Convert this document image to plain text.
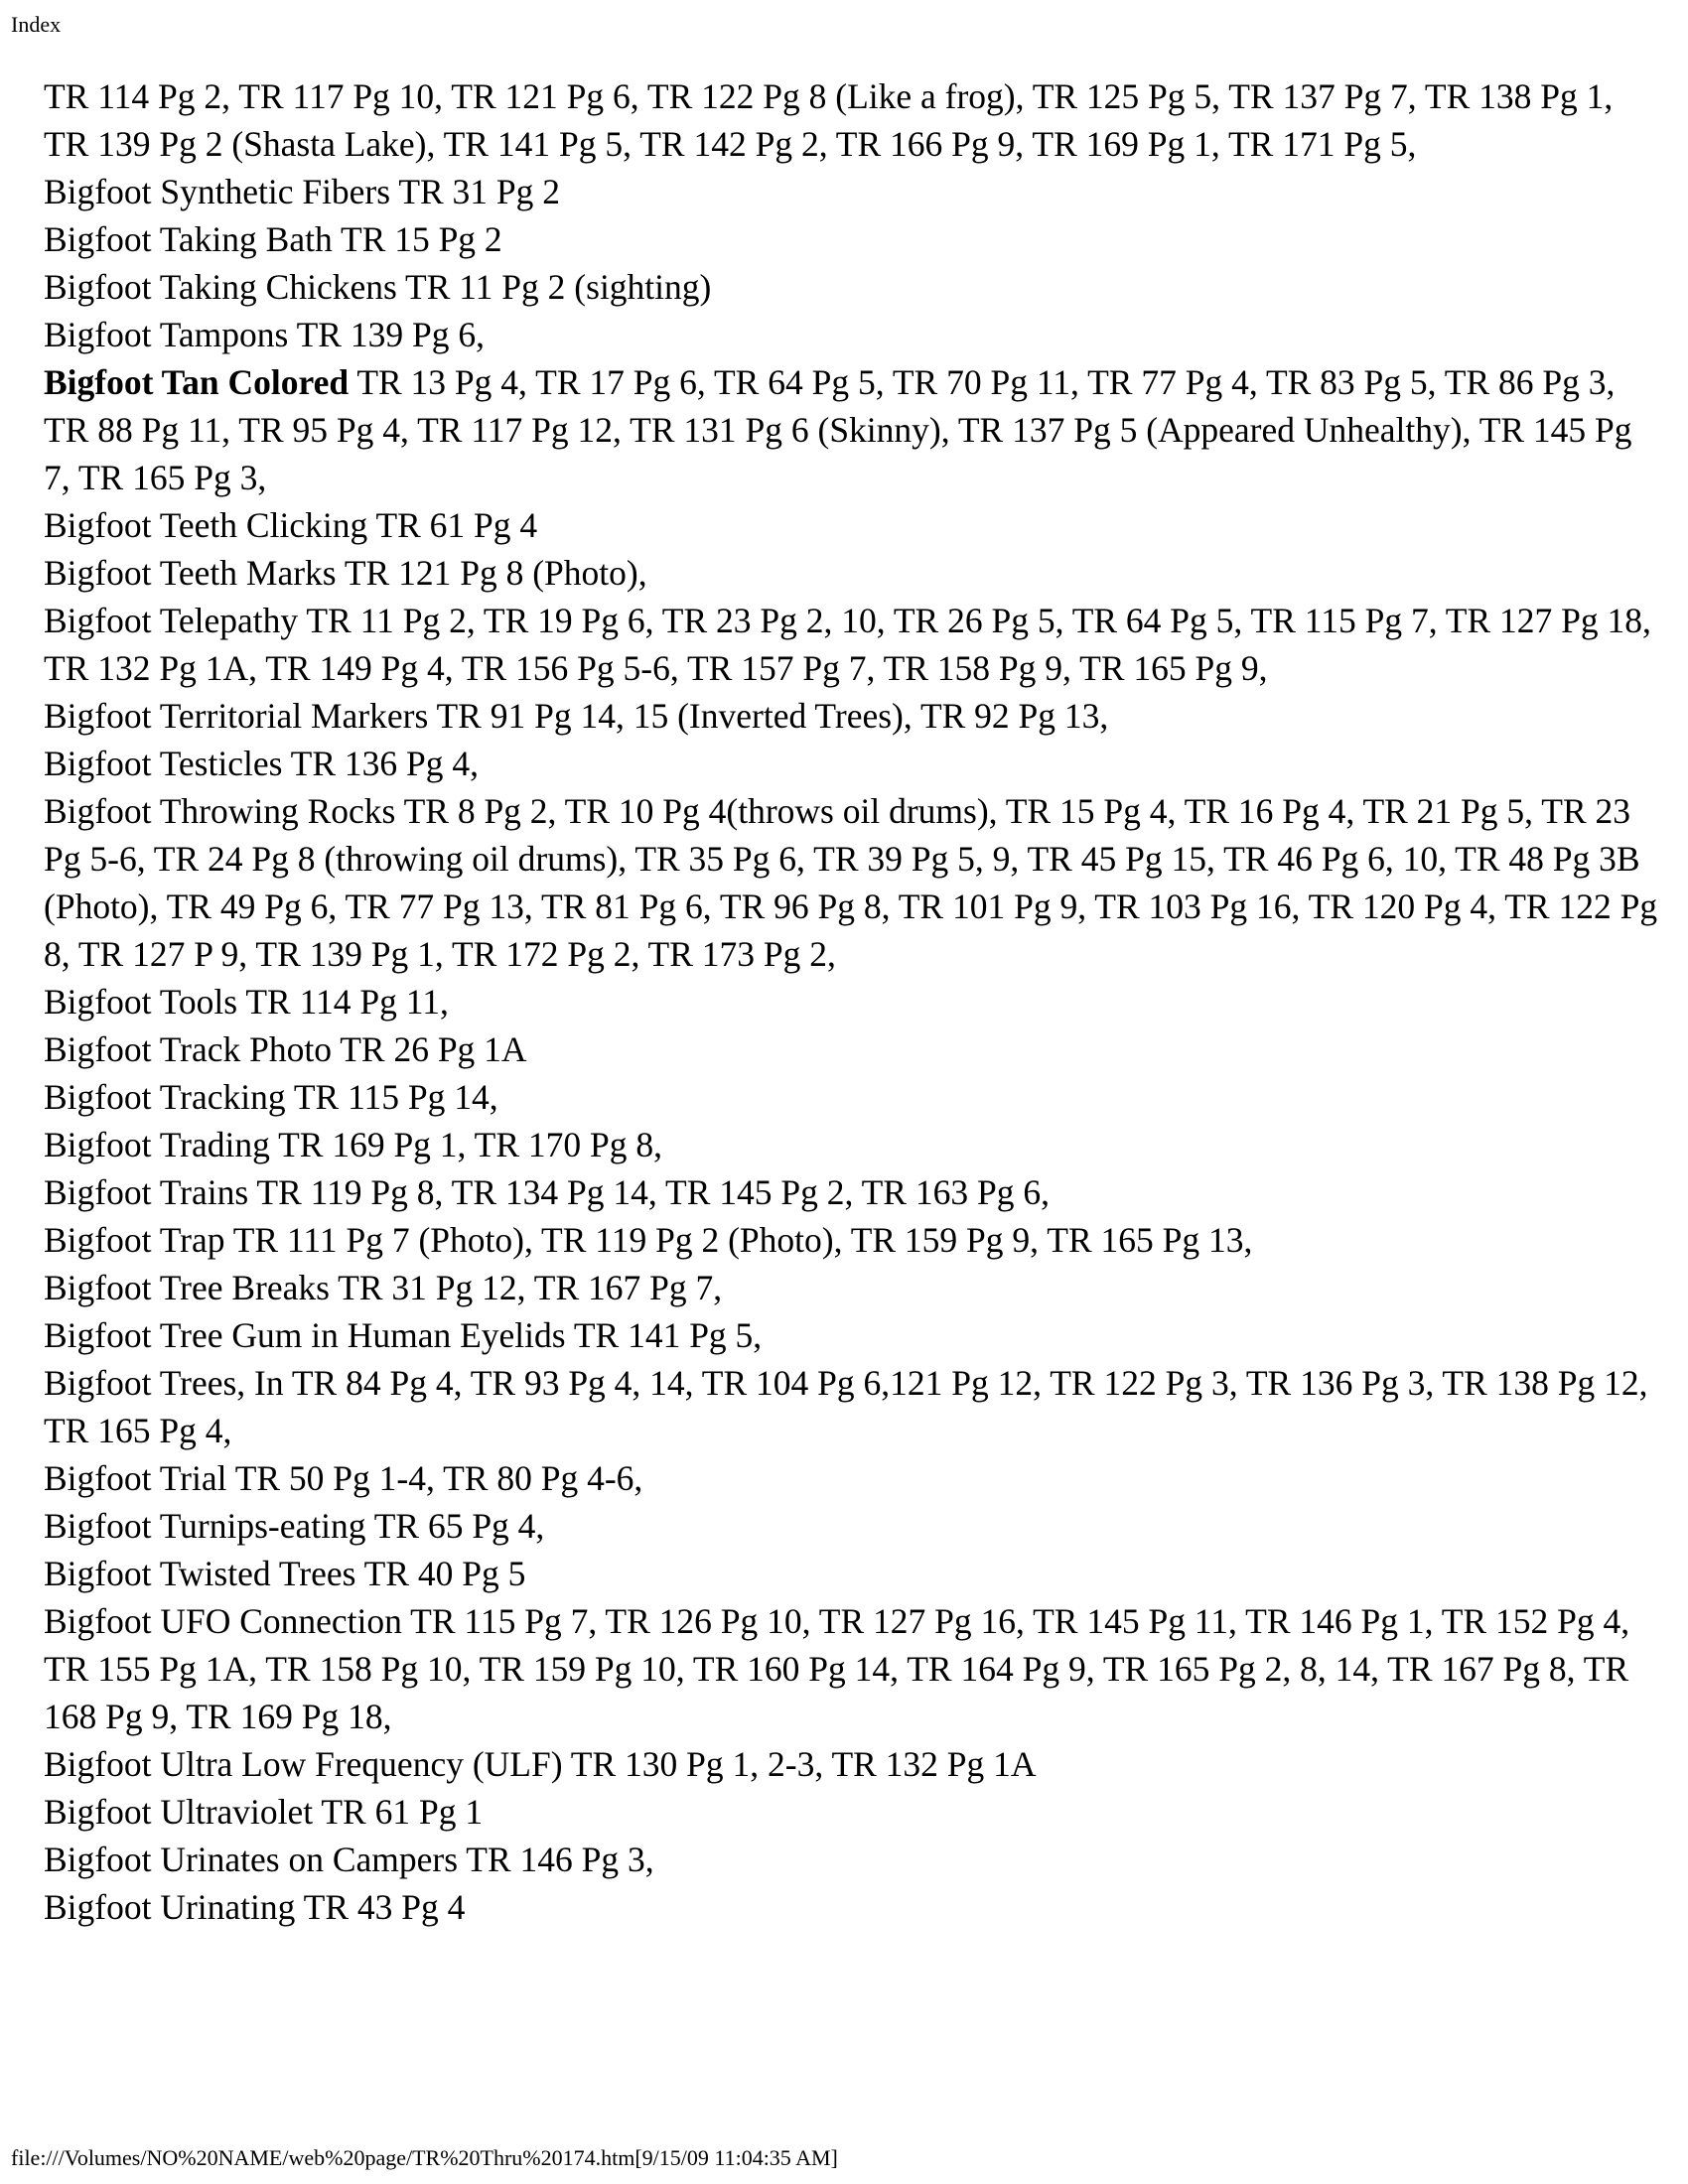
Index

TR 114 Pg 2, TR 117 Pg 10, TR 121 Pg 6, TR 122 Pg 8 (Like a frog), TR 125 Pg 5, TR 137 Pg 7, TR 138 Pg 1, TR 139 Pg 2 (Shasta Lake), TR 141 Pg 5, TR 142 Pg 2, TR 166 Pg 9, TR 169 Pg 1, TR 171 Pg 5,

Bigfoot Synthetic Fibers TR 31 Pg 2

Bigfoot Taking Bath TR 15 Pg 2

Bigfoot Taking Chickens TR 11 Pg 2 (sighting)

Bigfoot Tampons TR 139 Pg 6,

Bigfoot Tan Colored TR 13 Pg 4, TR 17 Pg 6, TR 64 Pg 5, TR 70 Pg 11, TR 77 Pg 4, TR 83 Pg 5, TR 86 Pg 3, TR 88 Pg 11, TR 95 Pg 4, TR 117 Pg 12, TR 131 Pg 6 (Skinny), TR 137 Pg 5 (Appeared Unhealthy), TR 145 Pg 7, TR 165 Pg 3,

Bigfoot Teeth Clicking TR 61 Pg 4

Bigfoot Teeth Marks TR 121 Pg 8 (Photo),

Bigfoot Telepathy TR 11 Pg 2, TR 19 Pg 6, TR 23 Pg 2, 10, TR 26 Pg 5, TR 64 Pg 5, TR 115 Pg 7, TR 127 Pg 18, TR 132 Pg 1A, TR 149 Pg 4, TR 156 Pg 5-6, TR 157 Pg 7, TR 158 Pg 9, TR 165 Pg 9,

Bigfoot Territorial Markers TR 91 Pg 14, 15 (Inverted Trees), TR 92 Pg 13,

Bigfoot Testicles TR 136 Pg 4,

Bigfoot Throwing Rocks TR 8 Pg 2, TR 10 Pg 4(throws oil drums), TR 15 Pg 4, TR 16 Pg 4, TR 21 Pg 5, TR 23 Pg 5-6, TR 24 Pg 8 (throwing oil drums), TR 35 Pg 6, TR 39 Pg 5, 9, TR 45 Pg 15, TR 46 Pg 6, 10, TR 48 Pg 3B (Photo), TR 49 Pg 6, TR 77 Pg 13, TR 81 Pg 6, TR 96 Pg 8, TR 101 Pg 9, TR 103 Pg 16, TR 120 Pg 4, TR 122 Pg 8, TR 127 P 9, TR 139 Pg 1, TR 172 Pg 2, TR 173 Pg 2,

Bigfoot Tools TR 114 Pg 11,

Bigfoot Track Photo TR 26 Pg 1A

Bigfoot Tracking TR 115 Pg 14,

Bigfoot Trading TR 169 Pg 1, TR 170 Pg 8,

Bigfoot Trains TR 119 Pg 8, TR 134 Pg 14, TR 145 Pg 2, TR 163 Pg 6,

Bigfoot Trap TR 111 Pg 7 (Photo), TR 119 Pg 2 (Photo), TR 159 Pg 9, TR 165 Pg 13,

Bigfoot Tree Breaks TR 31 Pg 12, TR 167 Pg 7,

Bigfoot Tree Gum in Human Eyelids TR 141 Pg 5,

Bigfoot Trees, In TR 84 Pg 4, TR 93 Pg 4, 14, TR 104 Pg 6,121 Pg 12, TR 122 Pg 3, TR 136 Pg 3, TR 138 Pg 12, TR 165 Pg 4,

Bigfoot Trial TR 50 Pg 1-4, TR 80 Pg 4-6,

Bigfoot Turnips-eating TR 65 Pg 4,

Bigfoot Twisted Trees TR 40 Pg 5

Bigfoot UFO Connection TR 115 Pg 7, TR 126 Pg 10, TR 127 Pg 16, TR 145 Pg 11, TR 146 Pg 1, TR 152 Pg 4, TR 155 Pg 1A, TR 158 Pg 10, TR 159 Pg 10, TR 160 Pg 14, TR 164 Pg 9, TR 165 Pg 2, 8, 14, TR 167 Pg 8, TR 168 Pg 9, TR 169 Pg 18,

Bigfoot Ultra Low Frequency (ULF) TR 130 Pg 1, 2-3, TR 132 Pg 1A

Bigfoot Ultraviolet TR 61 Pg 1

Bigfoot Urinates on Campers TR 146 Pg 3,

Bigfoot Urinating TR 43 Pg 4

file:///Volumes/NO%20NAME/web%20page/TR%20Thru%20174.htm[9/15/09 11:04:35 AM]
